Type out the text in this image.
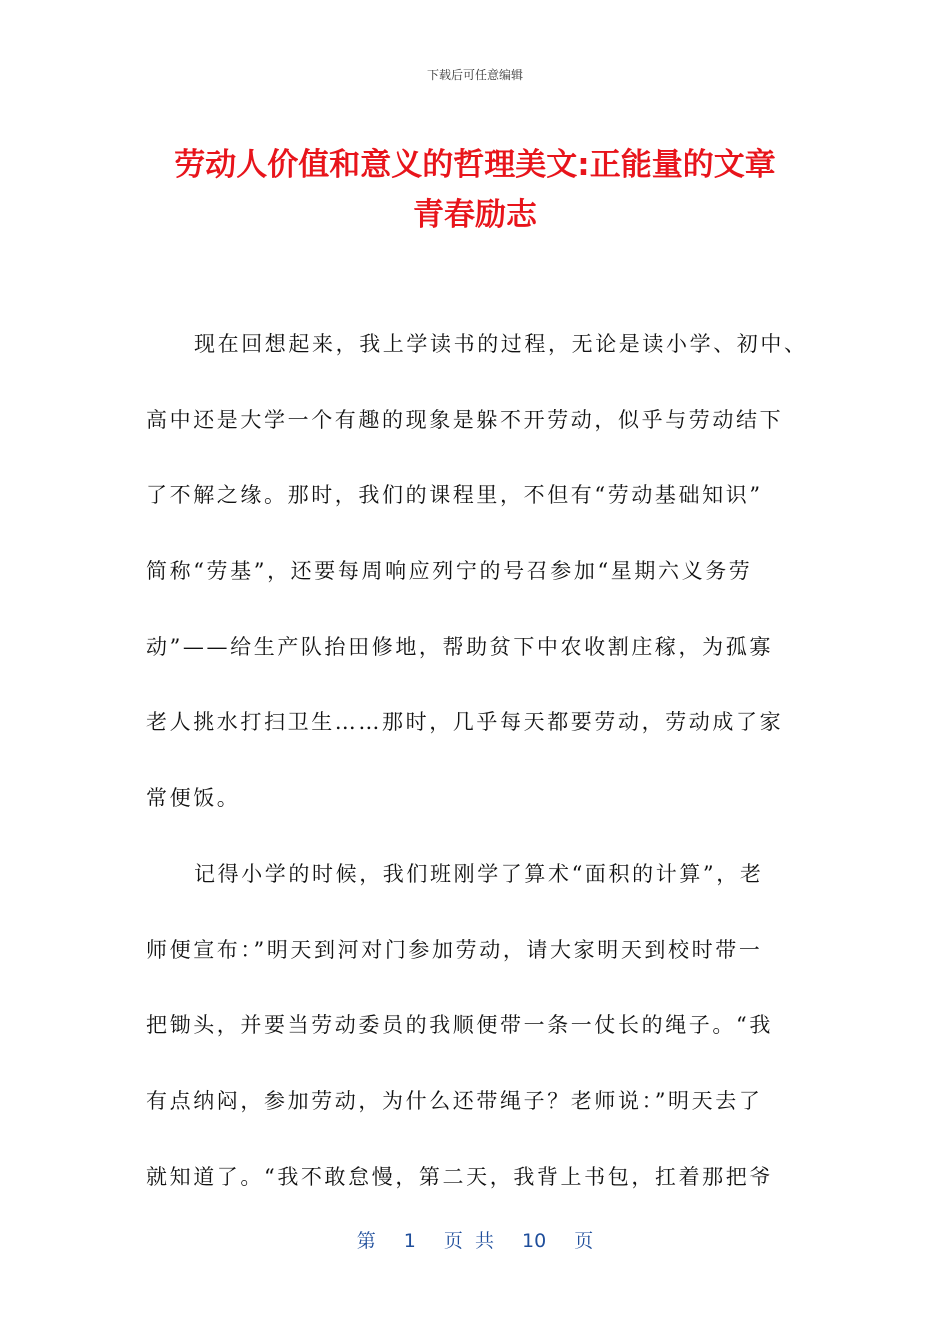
下载后可任意编辑
劳动人价值和意义的哲理美文:正能量的文章
青春励志
现在回想起来，我上学读书的过程，无论是读小学、初中、
高中还是大学一个有趣的现象是躲不开劳动，似乎与劳动结下
了不解之缘。那时，我们的课程里，不但有“劳动基础知识”
简称“劳基”，还要每周响应列宁的号召参加“星期六义务劳
动”——给生产队抬田修地，帮助贫下中农收割庄稼，为孤寡
老人挑水打扫卫生……那时，几乎每天都要劳动，劳动成了家
常便饭。
记得小学的时候，我们班刚学了算术“面积的计算”，老
师便宣布：”明天到河对门参加劳动，请大家明天到校时带一
把锄头，并要当劳动委员的我顺便带一条一仗长的绳子。“我
有点纳闷，参加劳动，为什么还带绳子？老师说：”明天去了
就知道了。“我不敢怠慢，第二天，我背上书包，扛着那把爷
第 1 页 共 10 页
